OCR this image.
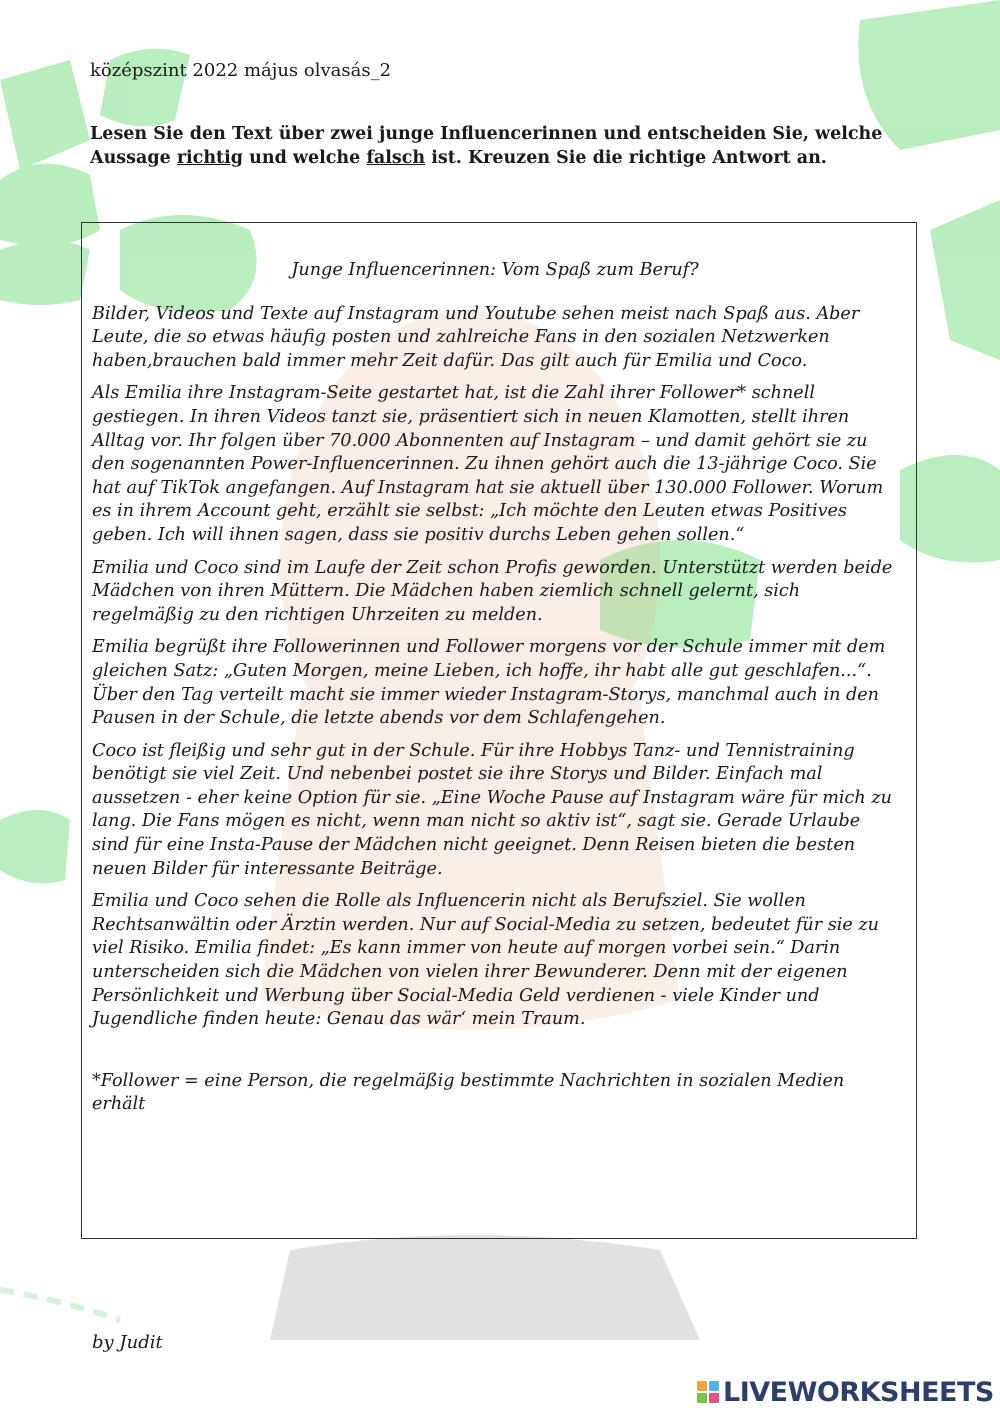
középszint 2022 május olvasás_2
Lesen Sie den Text über zwei junge Influencerinnen und entscheiden Sie, welche Aussage richtig und welche falsch ist. Kreuzen Sie die richtige Antwort an.

Junge Influencerinnen: Vom Spaß zum Beruf?

Bilder, Videos und Texte auf Instagram und Youtube sehen meist nach Spaß aus. Aber Leute, die so etwas häufig posten und zahlreiche Fans in den sozialen Netzwerken haben,brauchen bald immer mehr Zeit dafür. Das gilt auch für Emilia und Coco.

Als Emilia ihre Instagram-Seite gestartet hat, ist die Zahl ihrer Follower* schnell gestiegen. In ihren Videos tanzt sie, präsentiert sich in neuen Klamotten, stellt ihren Alltag vor. Ihr folgen über 70.000 Abonnenten auf Instagram – und damit gehört sie zu den sogenannten Power-Influencerinnen. Zu ihnen gehört auch die 13-jährige Coco. Sie hat auf TikTok angefangen. Auf Instagram hat sie aktuell über 130.000 Follower. Worum es in ihrem Account geht, erzählt sie selbst: „Ich möchte den Leuten etwas Positives geben. Ich will ihnen sagen, dass sie positiv durchs Leben gehen sollen.“

Emilia und Coco sind im Laufe der Zeit schon Profis geworden. Unterstützt werden beide Mädchen von ihren Müttern. Die Mädchen haben ziemlich schnell gelernt, sich regelmäßig zu den richtigen Uhrzeiten zu melden.

Emilia begrüßt ihre Followerinnen und Follower morgens vor der Schule immer mit dem gleichen Satz: „Guten Morgen, meine Lieben, ich hoffe, ihr habt alle gut geschlafen...“. Über den Tag verteilt macht sie immer wieder Instagram-Storys, manchmal auch in den Pausen in der Schule, die letzte abends vor dem Schlafengehen.

Coco ist fleißig und sehr gut in der Schule. Für ihre Hobbys Tanz- und Tennistraining benötigt sie viel Zeit. Und nebenbei postet sie ihre Storys und Bilder. Einfach mal aussetzen - eher keine Option für sie. „Eine Woche Pause auf Instagram wäre für mich zu lang. Die Fans mögen es nicht, wenn man nicht so aktiv ist“, sagt sie. Gerade Urlaube sind für eine Insta-Pause der Mädchen nicht geeignet. Denn Reisen bieten die besten neuen Bilder für interessante Beiträge.

Emilia und Coco sehen die Rolle als Influencerin nicht als Berufsziel. Sie wollen Rechtsanwältin oder Ärztin werden. Nur auf Social-Media zu setzen, bedeutet für sie zu viel Risiko. Emilia findet: „Es kann immer von heute auf morgen vorbei sein.“ Darin unterscheiden sich die Mädchen von vielen ihrer Bewunderer. Denn mit der eigenen Persönlichkeit und Werbung über Social-Media Geld verdienen - viele Kinder und Jugendliche finden heute: Genau das wär‘ mein Traum.

*Follower = eine Person, die regelmäßig bestimmte Nachrichten in sozialen Medien erhält

by Judit
LIVEWORKSHEETS
